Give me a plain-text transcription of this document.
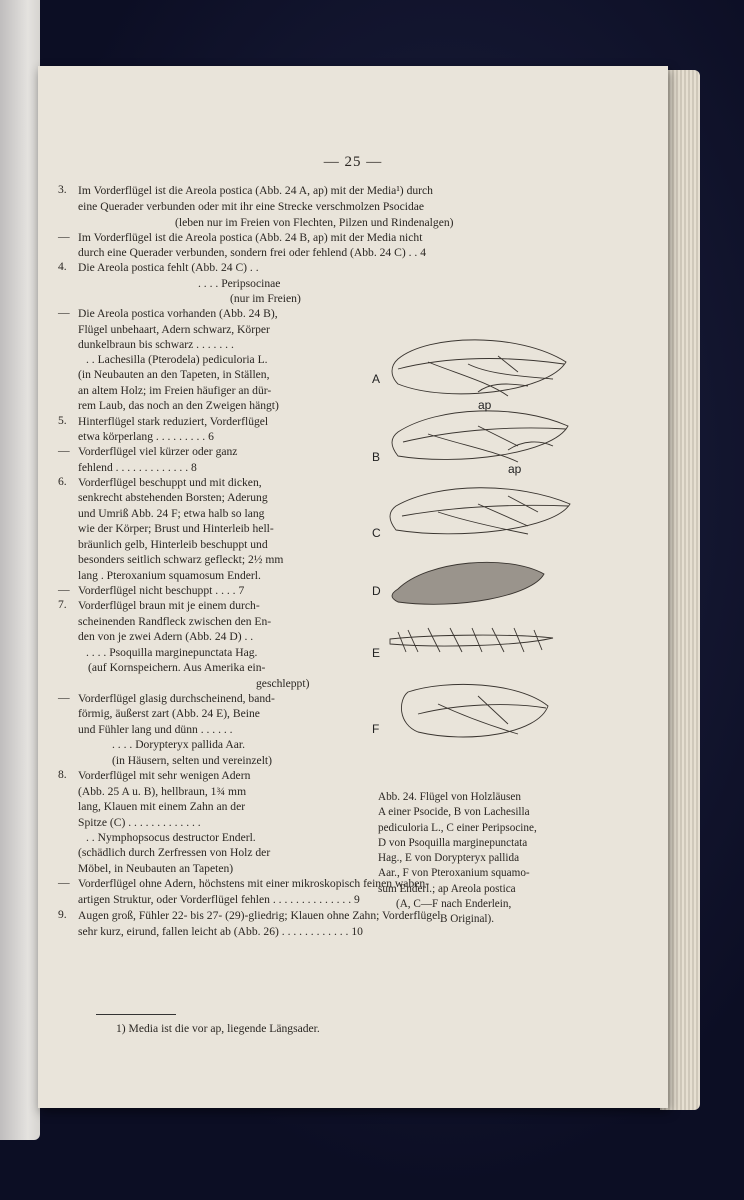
— 25 —
3. Im Vorderflügel ist die Areola postica (Abb. 24 A, ap) mit der Media¹) durch
eine Querader verbunden oder mit ihr eine Strecke verschmolzen Psocidae
(leben nur im Freien von Flechten, Pilzen und Rindenalgen)
— Im Vorderflügel ist die Areola postica (Abb. 24 B, ap) mit der Media nicht
durch eine Querader verbunden, sondern frei oder fehlend (Abb. 24 C) . . 4
4. Die Areola postica fehlt (Abb. 24 C) . .
. . . . Peripsocinae
(nur im Freien)
— Die Areola postica vorhanden (Abb. 24 B),
Flügel unbehaart, Adern schwarz, Körper
dunkelbraun bis schwarz . . . . . . .
. . Lachesilla (Pterodela) pediculoria L.
(in Neubauten an den Tapeten, in Ställen,
an altem Holz; im Freien häufiger an dür-
rem Laub, das noch an den Zweigen hängt)
5. Hinterflügel stark reduziert, Vorderflügel
etwa körperlang . . . . . . . . . 6
— Vorderflügel viel kürzer oder ganz
fehlend . . . . . . . . . . . . . 8
6. Vorderflügel beschuppt und mit dicken,
senkrecht abstehenden Borsten; Aderung
und Umriß Abb. 24 F; etwa halb so lang
wie der Körper; Brust und Hinterleib hell-
bräunlich gelb, Hinterleib beschuppt und
besonders seitlich schwarz gefleckt; 2½ mm
lang . Pteroxanium squamosum Enderl.
— Vorderflügel nicht beschuppt . . . . 7
7. Vorderflügel braun mit je einem durch-
scheinenden Randfleck zwischen den En-
den von je zwei Adern (Abb. 24 D) . .
. . . . Psoquilla marginepunctata Hag.
(auf Kornspeichern. Aus Amerika ein-
geschleppt)
— Vorderflügel glasig durchscheinend, band-
förmig, äußerst zart (Abb. 24 E), Beine
und Fühler lang und dünn . . . . . .
. . . . Dorypteryx pallida Aar.
(in Häusern, selten und vereinzelt)
8. Vorderflügel mit sehr wenigen Adern
(Abb. 25 A u. B), hellbraun, 1¾ mm
lang, Klauen mit einem Zahn an der
Spitze (C) . . . . . . . . . . . . .
. . Nymphopsocus destructor Enderl.
(schädlich durch Zerfressen von Holz der
Möbel, in Neubauten an Tapeten)
— Vorderflügel ohne Adern, höchstens mit einer mikroskopisch feinen waben-
artigen Struktur, oder Vorderflügel fehlen . . . . . . . . . . . . . . 9
9. Augen groß, Fühler 22- bis 27- (29)-gliedrig; Klauen ohne Zahn; Vorderflügel
sehr kurz, eirund, fallen leicht ab (Abb. 26) . . . . . . . . . . . . 10
A
B
C
D
E
F
ap
ap
Abb. 24. Flügel von Holzläusen
A einer Psocide, B von Lachesilla
pediculoria L., C einer Peripsocine,
D von Psoquilla marginepunctata
Hag., E von Dorypteryx pallida
Aar., F von Pteroxanium squamo-
sum Enderl.; ap Areola postica
(A, C—F nach Enderlein,
B Original).
1) Media ist die vor ap, liegende Längsader.
